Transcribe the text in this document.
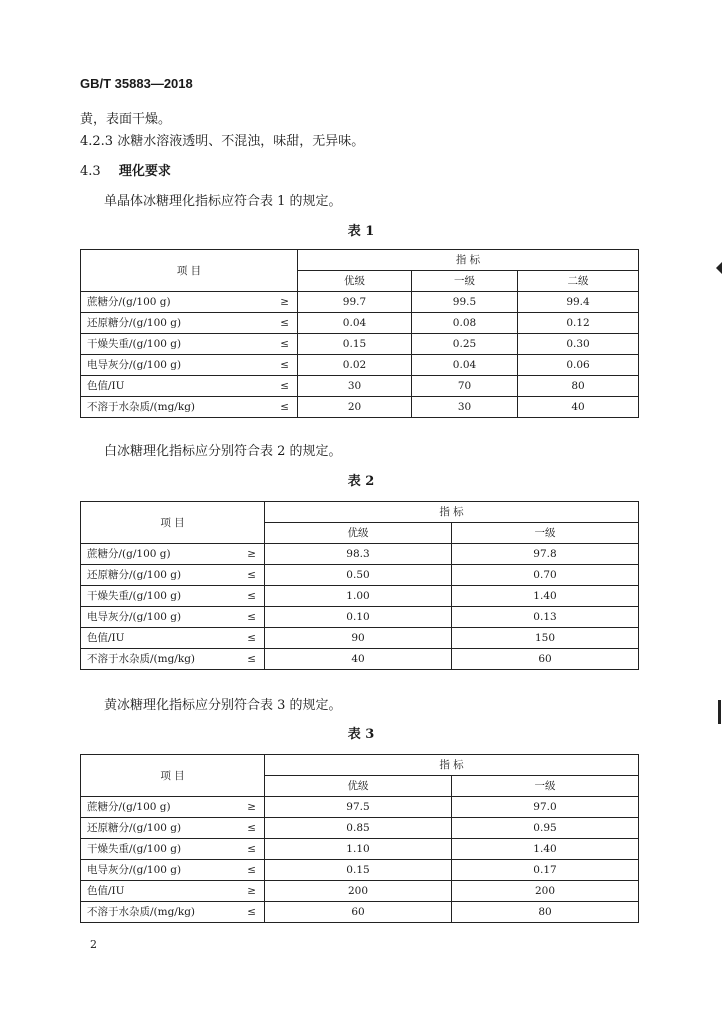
GB/T 35883—2018
黄，表面干燥。
4.2.3 冰糖水溶液透明、不混浊，味甜，无异味。
4.3 理化要求
单晶体冰糖理化指标应符合表 1 的规定。
表 1
项 目	指 标		
	优级	一级	二级
蔗糖分/(g/100 g) ≥	99.7	99.5	99.4
还原糖分/(g/100 g) ≤	0.04	0.08	0.12
干燥失重/(g/100 g) ≤	0.15	0.25	0.30
电导灰分/(g/100 g) ≤	0.02	0.04	0.06
色值/IU ≤	30	70	80
不溶于水杂质/(mg/kg) ≤	20	30	40
白冰糖理化指标应分别符合表 2 的规定。
表 2
项 目	指 标	
	优级	一级
蔗糖分/(g/100 g) ≥	98.3	97.8
还原糖分/(g/100 g) ≤	0.50	0.70
干燥失重/(g/100 g) ≤	1.00	1.40
电导灰分/(g/100 g) ≤	0.10	0.13
色值/IU ≤	90	150
不溶于水杂质/(mg/kg) ≤	40	60
黄冰糖理化指标应分别符合表 3 的规定。
表 3
项 目	指 标	
	优级	一级
蔗糖分/(g/100 g) ≥	97.5	97.0
还原糖分/(g/100 g) ≤	0.85	0.95
干燥失重/(g/100 g) ≤	1.10	1.40
电导灰分/(g/100 g) ≤	0.15	0.17
色值/IU ≥	200	200
不溶于水杂质/(mg/kg) ≤	60	80
2
